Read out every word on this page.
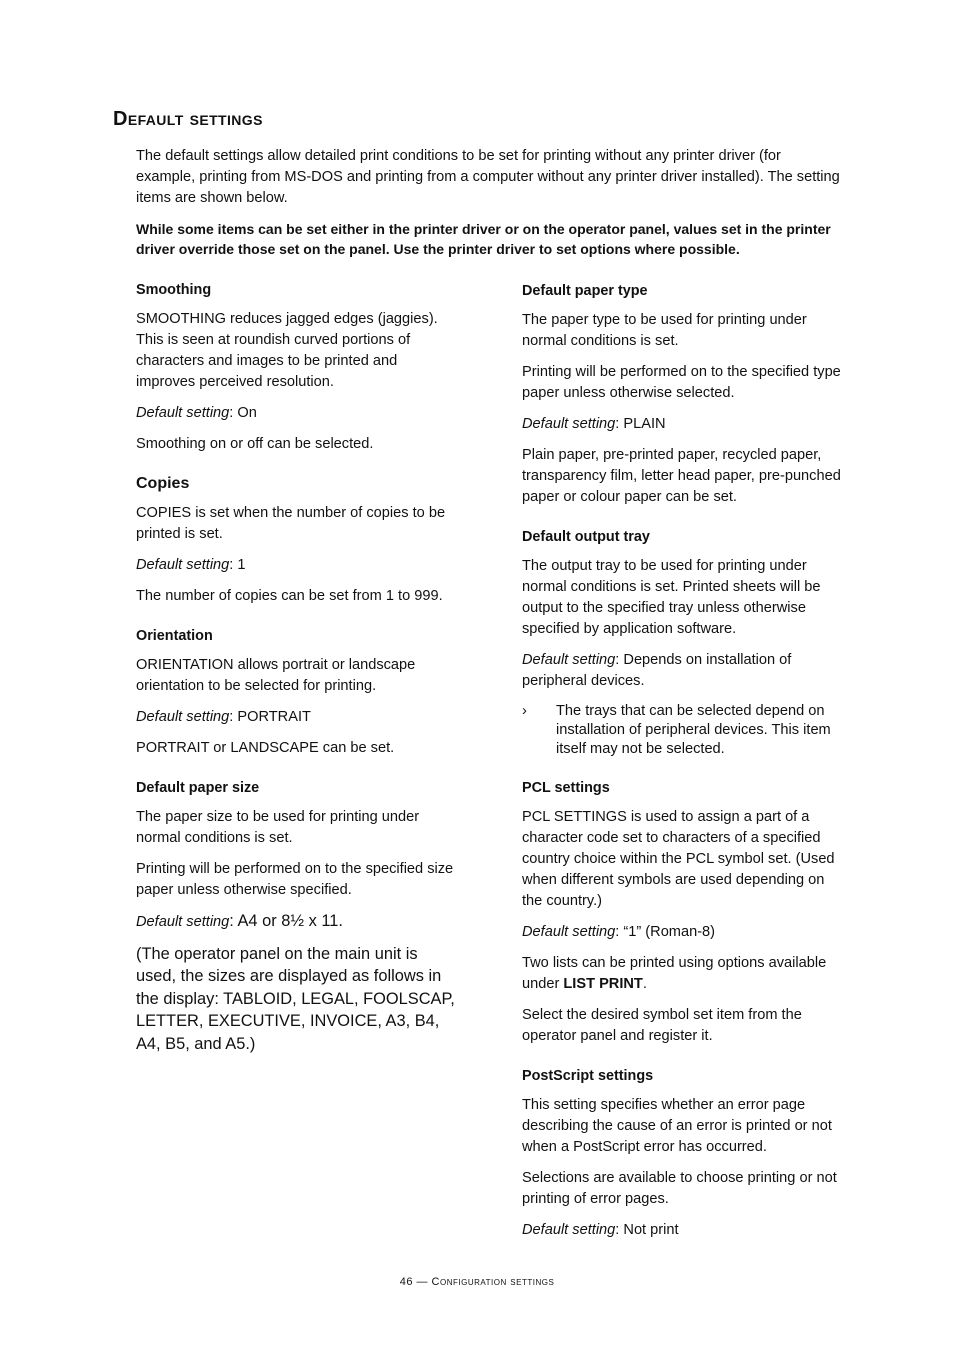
Default settings

The default settings allow detailed print conditions to be set for printing without any printer driver (for example, printing from MS-DOS and printing from a computer without any printer driver installed). The setting items are shown below.

While some items can be set either in the printer driver or on the operator panel, values set in the printer driver override those set on the panel. Use the printer driver to set options where possible.

Smoothing

SMOOTHING reduces jagged edges (jaggies). This is seen at roundish curved portions of characters and images to be printed and improves perceived resolution.

Default setting: On

Smoothing on or off can be selected.

Copies

COPIES is set when the number of copies to be printed is set.

Default setting: 1

The number of copies can be set from 1 to 999.

Orientation

ORIENTATION allows portrait or landscape orientation to be selected for printing.

Default setting: PORTRAIT

PORTRAIT or LANDSCAPE can be set.

Default paper size

The paper size to be used for printing under normal conditions is set.

Printing will be performed on to the specified size paper unless otherwise specified.

Default setting: A4 or 8½ x 11.

(The operator panel on the main unit is used, the sizes are displayed as follows in the display: TABLOID, LEGAL, FOOLSCAP, LETTER, EXECUTIVE, INVOICE, A3, B4, A4, B5, and A5.)

Default paper type

The paper type to be used for printing under normal conditions is set.

Printing will be performed on to the specified type paper unless otherwise selected.

Default setting: PLAIN

Plain paper, pre-printed paper, recycled paper, transparency film, letter head paper, pre-punched paper or colour paper can be set.

Default output tray

The output tray to be used for printing under normal conditions is set. Printed sheets will be output to the specified tray unless otherwise specified by application software.

Default setting: Depends on installation of peripheral devices.

›	The trays that can be selected depend on installation of peripheral devices. This item itself may not be selected.
PCL settings

PCL SETTINGS is used to assign a part of a character code set to characters of a specified country choice within the PCL symbol set. (Used when different symbols are used depending on the country.)

Default setting: “1” (Roman-8)

Two lists can be printed using options available under LIST PRINT.

Select the desired symbol set item from the operator panel and register it.

PostScript settings

This setting specifies whether an error page describing the cause of an error is printed or not when a PostScript error has occurred.

Selections are available to choose printing or not printing of error pages.

Default setting: Not print

46 — Configuration settings
